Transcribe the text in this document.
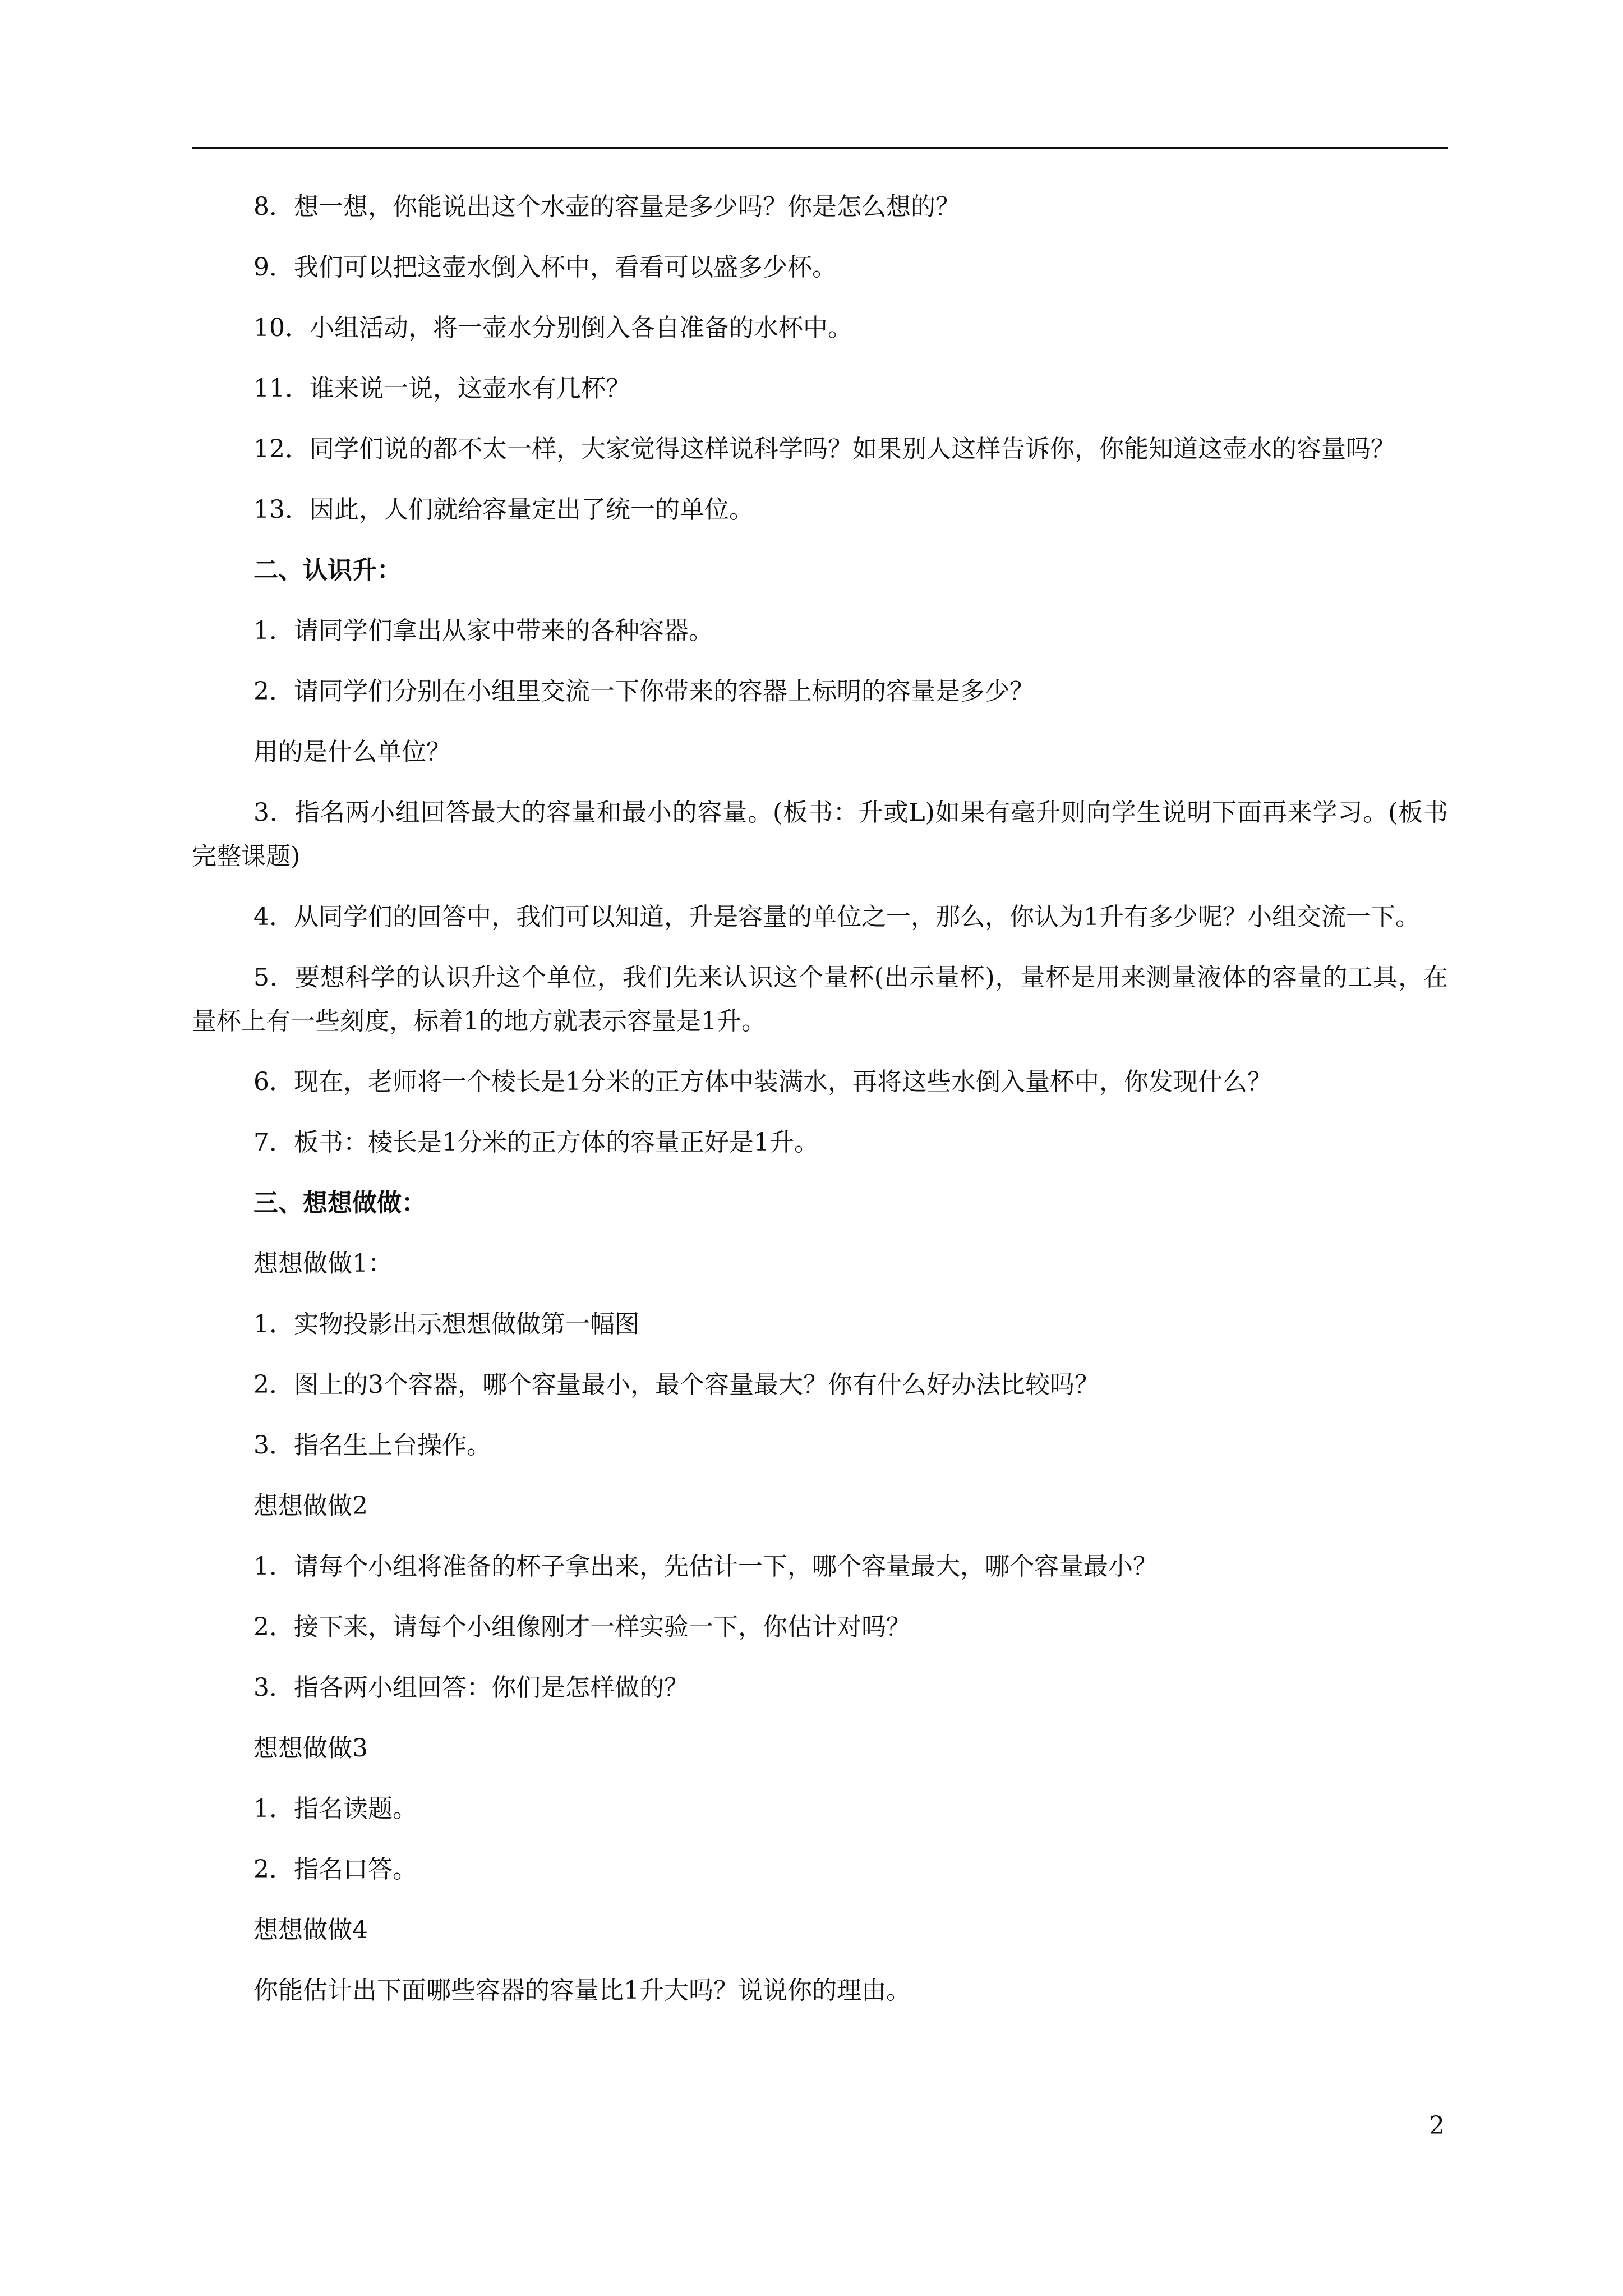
8．想一想，你能说出这个水壶的容量是多少吗？你是怎么想的？

9．我们可以把这壶水倒入杯中，看看可以盛多少杯。

10．小组活动，将一壶水分别倒入各自准备的水杯中。

11．谁来说一说，这壶水有几杯？

12．同学们说的都不太一样，大家觉得这样说科学吗？如果别人这样告诉你，你能知道这壶水的容量吗？

13．因此，人们就给容量定出了统一的单位。

二、认识升：

1．请同学们拿出从家中带来的各种容器。

2．请同学们分别在小组里交流一下你带来的容器上标明的容量是多少？

用的是什么单位？

3．指名两小组回答最大的容量和最小的容量。(板书：升或L)如果有毫升则向学生说明下面再来学习。(板书完整课题)

4．从同学们的回答中，我们可以知道，升是容量的单位之一，那么，你认为1升有多少呢？小组交流一下。

5．要想科学的认识升这个单位，我们先来认识这个量杯(出示量杯)，量杯是用来测量液体的容量的工具，在量杯上有一些刻度，标着1的地方就表示容量是1升。

6．现在，老师将一个棱长是1分米的正方体中装满水，再将这些水倒入量杯中，你发现什么？

7．板书：棱长是1分米的正方体的容量正好是1升。

三、想想做做：

想想做做1：

1．实物投影出示想想做做第一幅图

2．图上的3个容器，哪个容量最小，最个容量最大？你有什么好办法比较吗？

3．指名生上台操作。

想想做做2

1．请每个小组将准备的杯子拿出来，先估计一下，哪个容量最大，哪个容量最小？

2．接下来，请每个小组像刚才一样实验一下，你估计对吗？

3．指各两小组回答：你们是怎样做的？

想想做做3

1．指名读题。

2．指名口答。

想想做做4

你能估计出下面哪些容器的容量比1升大吗？说说你的理由。

2
